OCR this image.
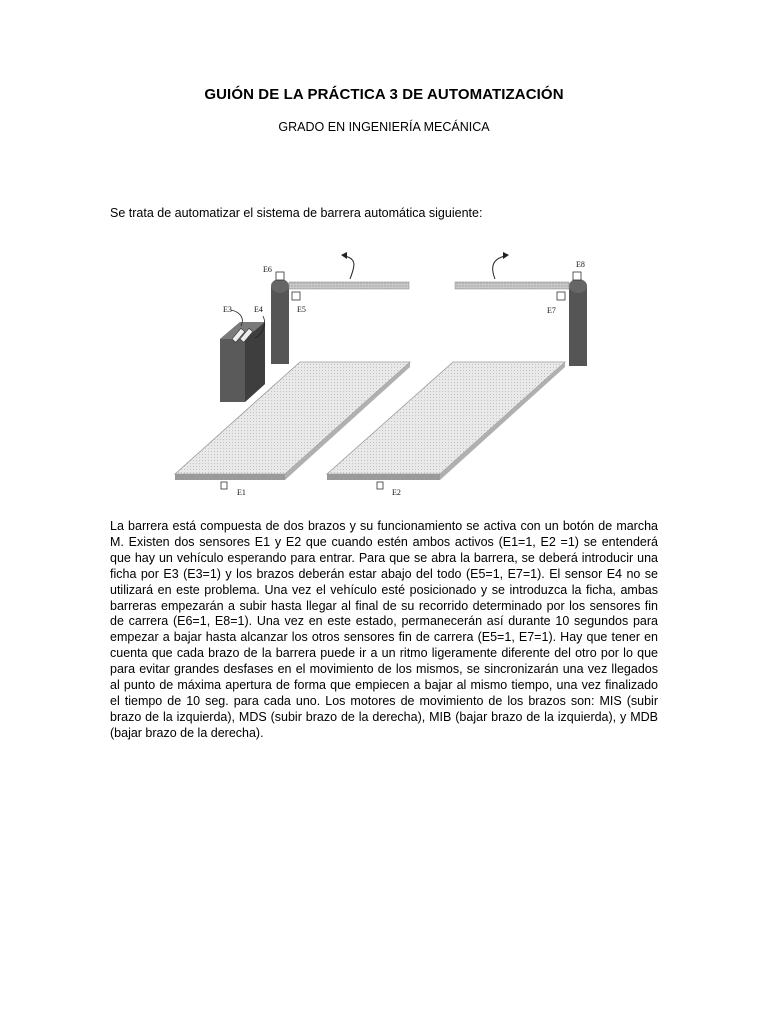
GUIÓN DE LA PRÁCTICA 3 DE AUTOMATIZACIÓN
GRADO EN INGENIERÍA MECÁNICA
Se trata de automatizar el sistema de barrera automática siguiente:
E6
E5
E3	E4
E8
E7
E1	E2
La barrera está compuesta de dos brazos y su funcionamiento se activa con un botón de marcha M. Existen dos sensores E1 y E2 que cuando estén ambos activos (E1=1, E2 =1) se entenderá que hay un vehículo esperando para entrar. Para que se abra la barrera, se deberá introducir una ficha por E3 (E3=1) y los brazos deberán estar abajo del todo (E5=1, E7=1). El sensor E4 no se utilizará en este problema. Una vez el vehículo esté posicionado y se introduzca la ficha, ambas barreras empezarán a subir hasta llegar al final de su recorrido determinado por los sensores fin de carrera (E6=1, E8=1). Una vez en este estado, permanecerán así durante 10 segundos para empezar a bajar hasta alcanzar los otros sensores fin de carrera (E5=1, E7=1). Hay que tener en cuenta que cada brazo de la barrera puede ir a un ritmo ligeramente diferente del otro por lo que para evitar grandes desfases en el movimiento de los mismos, se sincronizarán una vez llegados al punto de máxima apertura de forma que empiecen a bajar al mismo tiempo, una vez finalizado el tiempo de 10 seg. para cada uno. Los motores de movimiento de los brazos son: MIS (subir brazo de la izquierda), MDS (subir brazo de la derecha), MIB (bajar brazo de la izquierda), y MDB (bajar brazo de la derecha).
